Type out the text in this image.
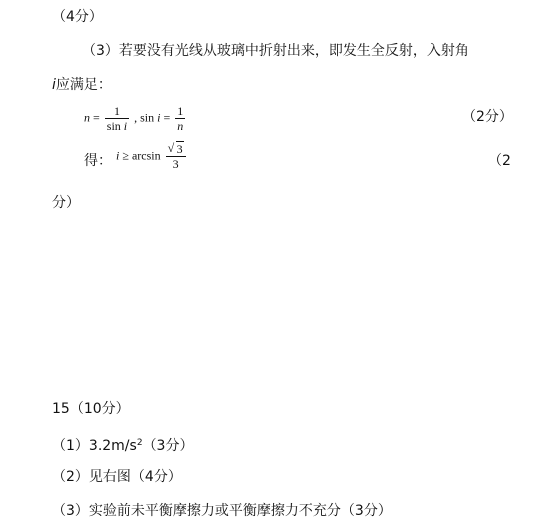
（4分）
（3）若要没有光线从玻璃中折射出来，即发生全反射，入射角
i应满足：
$n = \frac{1}{\text{sin i}}$ , $\sin i = \frac{1}{n}$	（2分）
得： $i \ge \arcsin \frac{√ 3}{3}$	（2
分）
15（10分）
$(1)3.2m/s^2(3$分）
（2）见右图（4分）
（3）实验前未平衡摩擦力或平衡摩擦力不充分（3分）
